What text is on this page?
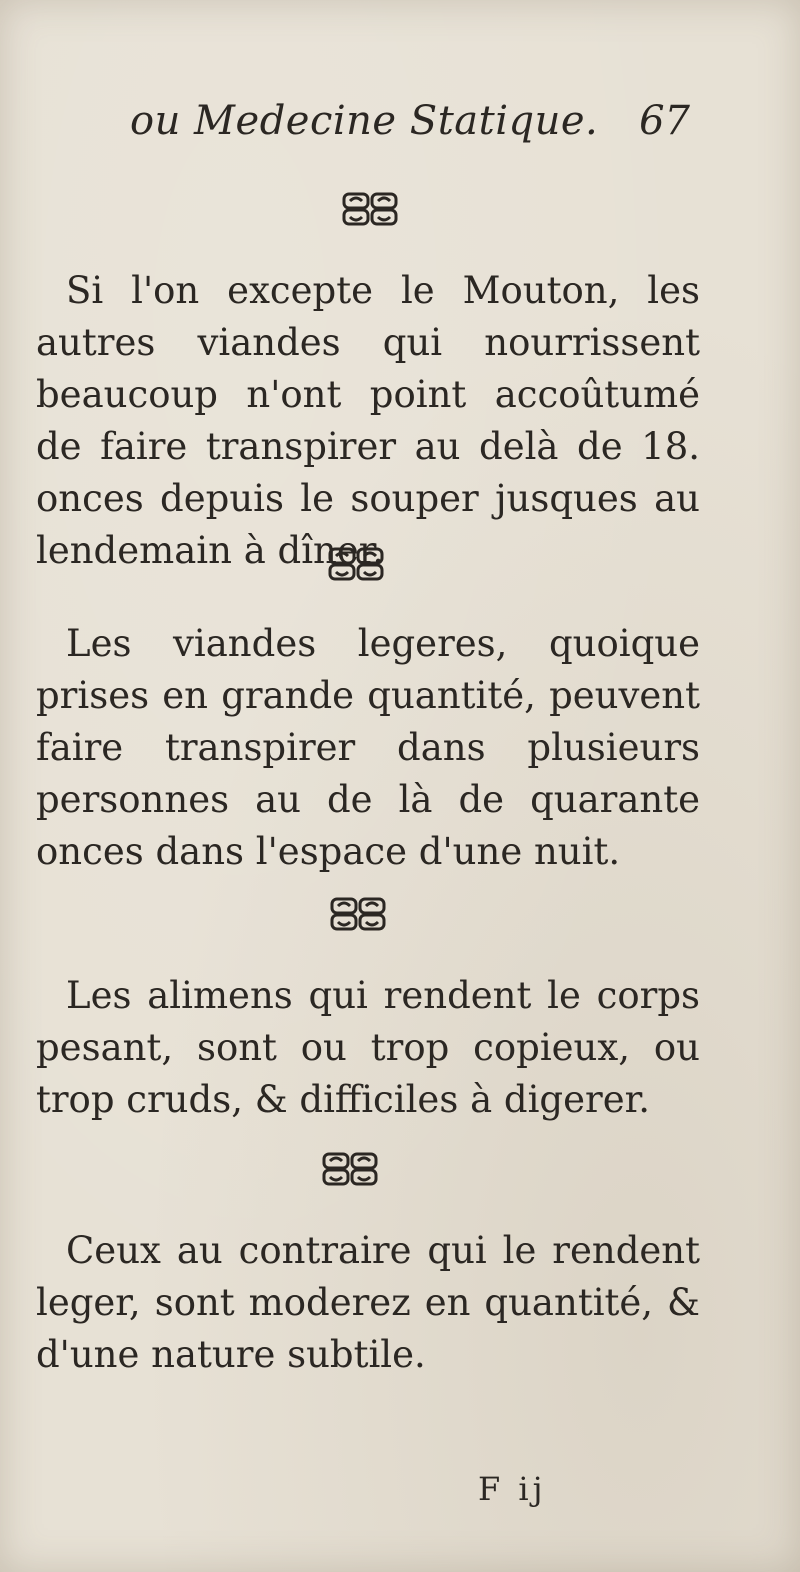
ou Medecine Statique. 67

Si l'on excepte le Mouton, les autres viandes qui nourrissent beaucoup n'ont point accoûtumé de faire transpirer au delà de 18. onces depuis le souper jusques au lendemain à dîner.

Les viandes legeres, quoique prises en grande quantité, peuvent faire transpirer dans plusieurs personnes au de là de quarante onces dans l'espace d'une nuit.

Les alimens qui rendent le corps pesant, sont ou trop copieux, ou trop cruds, & difficiles à digerer.

Ceux au contraire qui le rendent leger, sont moderez en quantité, & d'une nature subtile.

F ij
